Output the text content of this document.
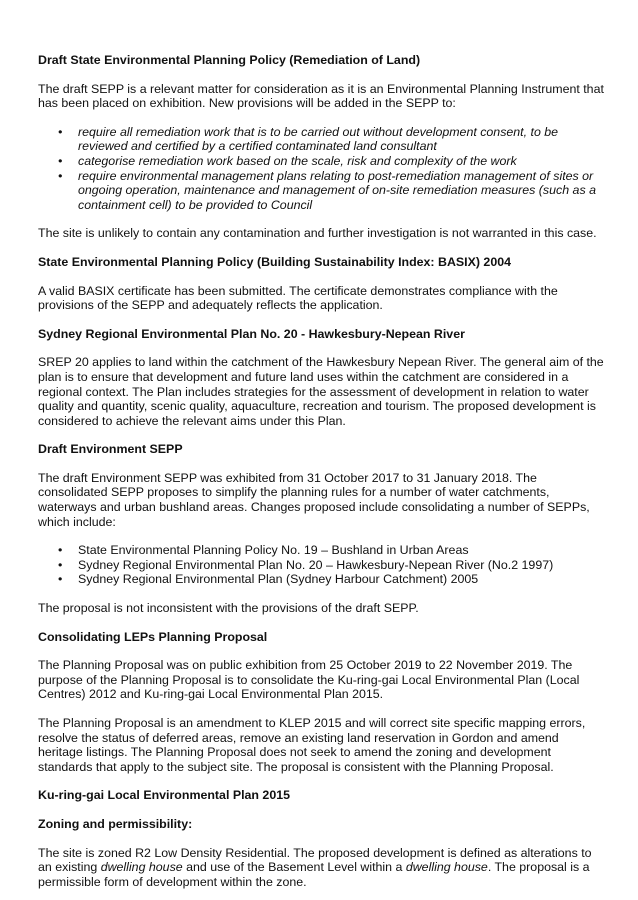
Draft State Environmental Planning Policy (Remediation of Land)

The draft SEPP is a relevant matter for consideration as it is an Environmental Planning Instrument that has been placed on exhibition. New provisions will be added in the SEPP to:

• require all remediation work that is to be carried out without development consent, to be reviewed and certified by a certified contaminated land consultant
• categorise remediation work based on the scale, risk and complexity of the work
• require environmental management plans relating to post-remediation management of sites or ongoing operation, maintenance and management of on-site remediation measures (such as a containment cell) to be provided to Council

The site is unlikely to contain any contamination and further investigation is not warranted in this case.

State Environmental Planning Policy (Building Sustainability Index: BASIX) 2004

A valid BASIX certificate has been submitted. The certificate demonstrates compliance with the provisions of the SEPP and adequately reflects the application.

Sydney Regional Environmental Plan No. 20 - Hawkesbury-Nepean River

SREP 20 applies to land within the catchment of the Hawkesbury Nepean River. The general aim of the plan is to ensure that development and future land uses within the catchment are considered in a regional context. The Plan includes strategies for the assessment of development in relation to water quality and quantity, scenic quality, aquaculture, recreation and tourism. The proposed development is considered to achieve the relevant aims under this Plan.

Draft Environment SEPP

The draft Environment SEPP was exhibited from 31 October 2017 to 31 January 2018. The consolidated SEPP proposes to simplify the planning rules for a number of water catchments, waterways and urban bushland areas. Changes proposed include consolidating a number of SEPPs, which include:

• State Environmental Planning Policy No. 19 – Bushland in Urban Areas
• Sydney Regional Environmental Plan No. 20 – Hawkesbury-Nepean River (No.2 1997)
• Sydney Regional Environmental Plan (Sydney Harbour Catchment) 2005

The proposal is not inconsistent with the provisions of the draft SEPP.

Consolidating LEPs Planning Proposal

The Planning Proposal was on public exhibition from 25 October 2019 to 22 November 2019. The purpose of the Planning Proposal is to consolidate the Ku-ring-gai Local Environmental Plan (Local Centres) 2012 and Ku-ring-gai Local Environmental Plan 2015.

The Planning Proposal is an amendment to KLEP 2015 and will correct site specific mapping errors, resolve the status of deferred areas, remove an existing land reservation in Gordon and amend heritage listings. The Planning Proposal does not seek to amend the zoning and development standards that apply to the subject site. The proposal is consistent with the Planning Proposal.

Ku-ring-gai Local Environmental Plan 2015

Zoning and permissibility:

The site is zoned R2 Low Density Residential. The proposed development is defined as alterations to an existing dwelling house and use of the Basement Level within a dwelling house. The proposal is a permissible form of development within the zone.
